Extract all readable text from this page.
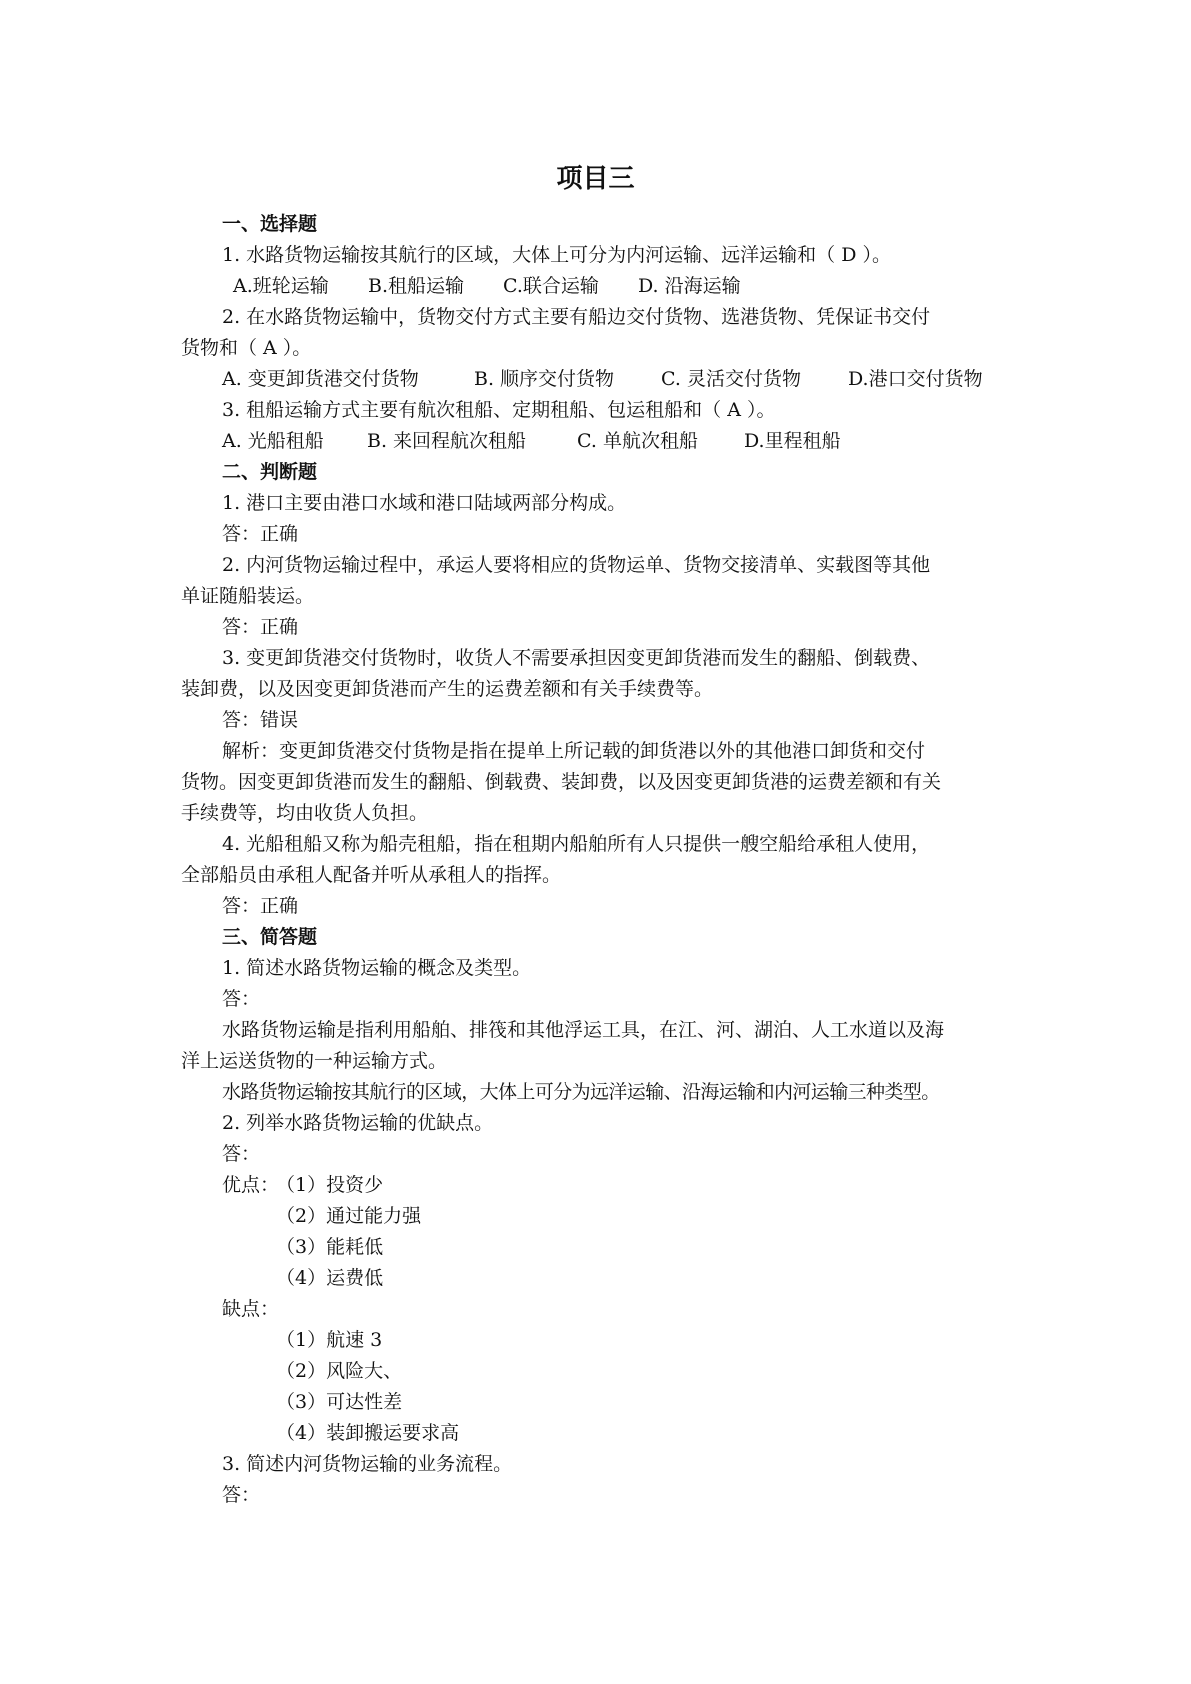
项目三
一、选择题
1. 水路货物运输按其航行的区域，大体上可分为内河运输、远洋运输和（ D ）。
A.班轮运输 B.租船运输 C.联合运输 D. 沿海运输
2. 在水路货物运输中，货物交付方式主要有船边交付货物、选港货物、凭保证书交付
货物和（ A ）。
A. 变更卸货港交付货物	B. 顺序交付货物 C. 灵活交付货物 D.港口交付货物
3. 租船运输方式主要有航次租船、定期租船、包运租船和（ A ）。
A. 光船租船 B. 来回程航次租船	C. 单航次租船 D.里程租船
二、判断题
1. 港口主要由港口水域和港口陆域两部分构成。
答：正确
2. 内河货物运输过程中，承运人要将相应的货物运单、货物交接清单、实载图等其他
单证随船装运。
答：正确
3. 变更卸货港交付货物时，收货人不需要承担因变更卸货港而发生的翻船、倒载费、
装卸费，以及因变更卸货港而产生的运费差额和有关手续费等。
答：错误
解析：变更卸货港交付货物是指在提单上所记载的卸货港以外的其他港口卸货和交付
货物。因变更卸货港而发生的翻船、倒载费、装卸费，以及因变更卸货港的运费差额和有关
手续费等，均由收货人负担。
4. 光船租船又称为船壳租船，指在租期内船舶所有人只提供一艘空船给承租人使用，
全部船员由承租人配备并听从承租人的指挥。
答：正确
三、简答题
1. 简述水路货物运输的概念及类型。
答：
水路货物运输是指利用船舶、排筏和其他浮运工具，在江、河、湖泊、人工水道以及海
洋上运送货物的一种运输方式。
水路货物运输按其航行的区域，大体上可分为远洋运输、沿海运输和内河运输三种类型。
2. 列举水路货物运输的优缺点。
答：
优点：
（1）投资少
（2）通过能力强
（3）能耗低
（4）运费低
缺点：
（1）航速 3
（2）风险大、
（3）可达性差
（4）装卸搬运要求高
3. 简述内河货物运输的业务流程。
答：
